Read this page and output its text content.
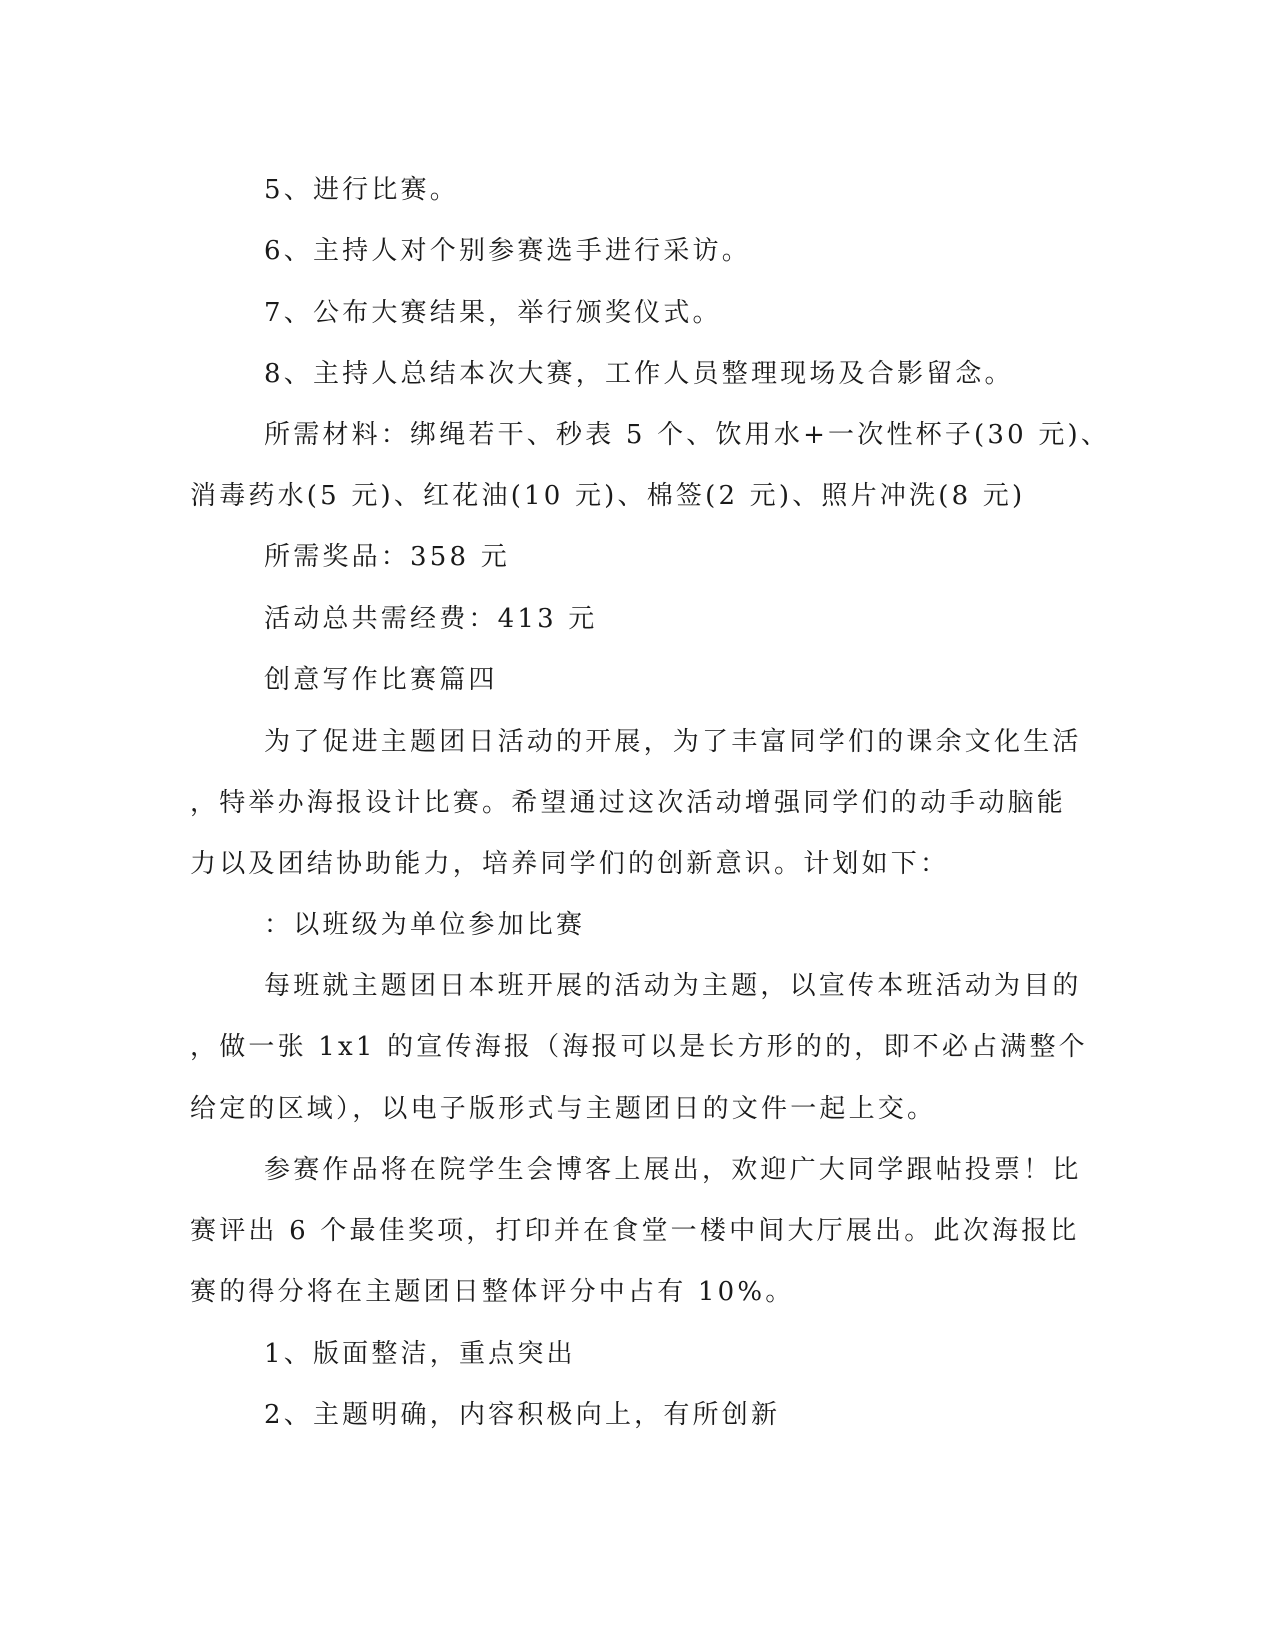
5、进行比赛。

6、主持人对个别参赛选手进行采访。

7、公布大赛结果，举行颁奖仪式。

8、主持人总结本次大赛，工作人员整理现场及合影留念。

所需材料：绑绳若干、秒表 5 个、饮用水+一次性杯子(30 元)、

消毒药水(5 元)、红花油(10 元)、棉签(2 元)、照片冲洗(8 元)

所需奖品：358 元

活动总共需经费：413 元

创意写作比赛篇四

为了促进主题团日活动的开展，为了丰富同学们的课余文化生活

，特举办海报设计比赛。希望通过这次活动增强同学们的动手动脑能

力以及团结协助能力，培养同学们的创新意识。计划如下：

：以班级为单位参加比赛

每班就主题团日本班开展的活动为主题，以宣传本班活动为目的

，做一张 1x1 的宣传海报（海报可以是长方形的的，即不必占满整个

给定的区域），以电子版形式与主题团日的文件一起上交。

参赛作品将在院学生会博客上展出，欢迎广大同学跟帖投票！比

赛评出 6 个最佳奖项，打印并在食堂一楼中间大厅展出。此次海报比

赛的得分将在主题团日整体评分中占有 10%。

1、版面整洁，重点突出

2、主题明确，内容积极向上，有所创新
